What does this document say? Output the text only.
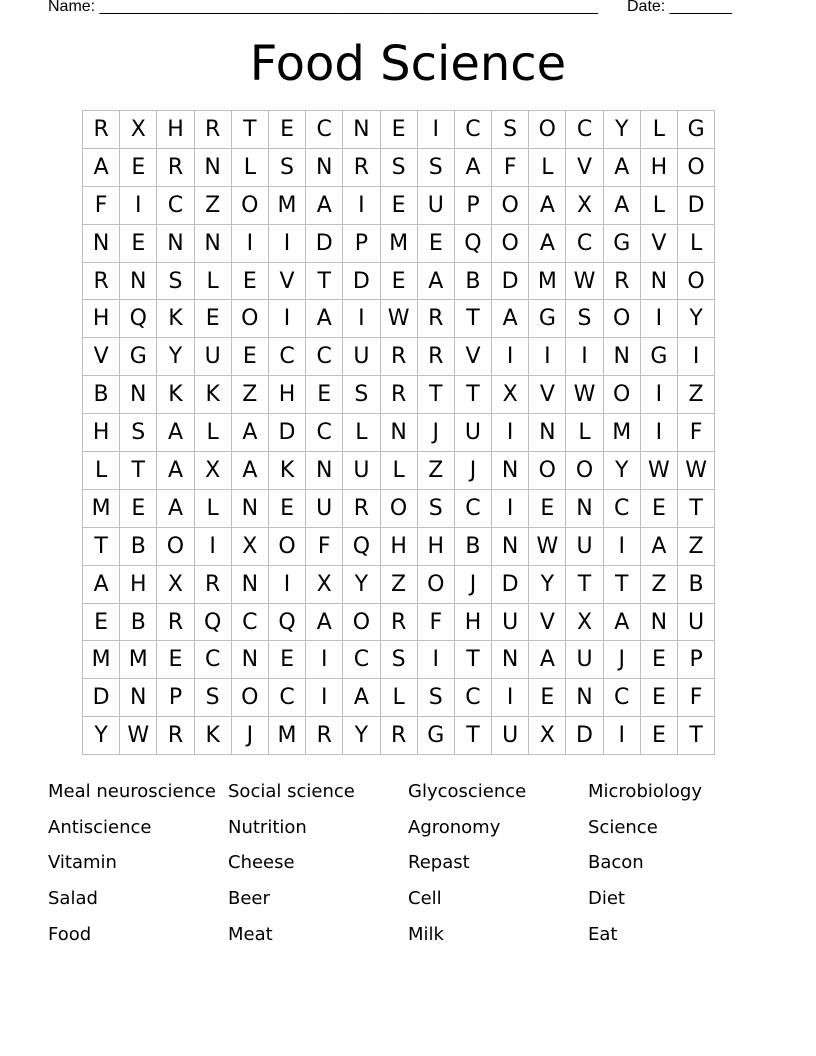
Name: ________________________________________________________ Date: _______
Food Science
R	X H R	T	E	C N	E	I	C	S O C	Y	L	G
A	E	R N	L	S N R	S	S	A	F	L	V	A H O
F	I	C Z O M A	I	E	U	P O A	X	A	L	D
N	E	N N	I	I	D	P M E Q O A C G V	L
R N S	L	E	V	T D E	A	B D M W R N O
H Q K	E O	I	A	I	W R	T	A G S O	I	Y
V G Y	U	E	C C U R R	V	I	I	I	N G	I
B N K	K	Z H E	S	R	T	T	X	V W O	I	Z
H S	A	L	A D C	L	N	J	U	I	N	L M	I	F
L	T	A	X	A	K N U	L	Z	J	N O O Y W W
M E	A	L	N	E	U R O S	C	I	E	N C	E	T
T	B O	I	X O	F	Q H H B N W U	I	A	Z
A H X	R N	I	X	Y	Z O	J	D Y	T	T	Z	B
E	B R Q C Q A O R	F	H U V	X	A N U
M M E	C N	E	I	C	S	I	T	N A U	J	E	P
D N	P	S O C	I	A	L	S	C	I	E	N C	E	F
Y W R	K	J	M R	Y	R G T	U X D	I	E	T
Meal neuroscience Social science	Glycoscience	Microbiology
Antiscience	Nutrition	Agronomy	Science
Vitamin	Cheese	Repast	Bacon
Salad	Beer	Cell	Diet
Food	Meat	Milk	Eat
